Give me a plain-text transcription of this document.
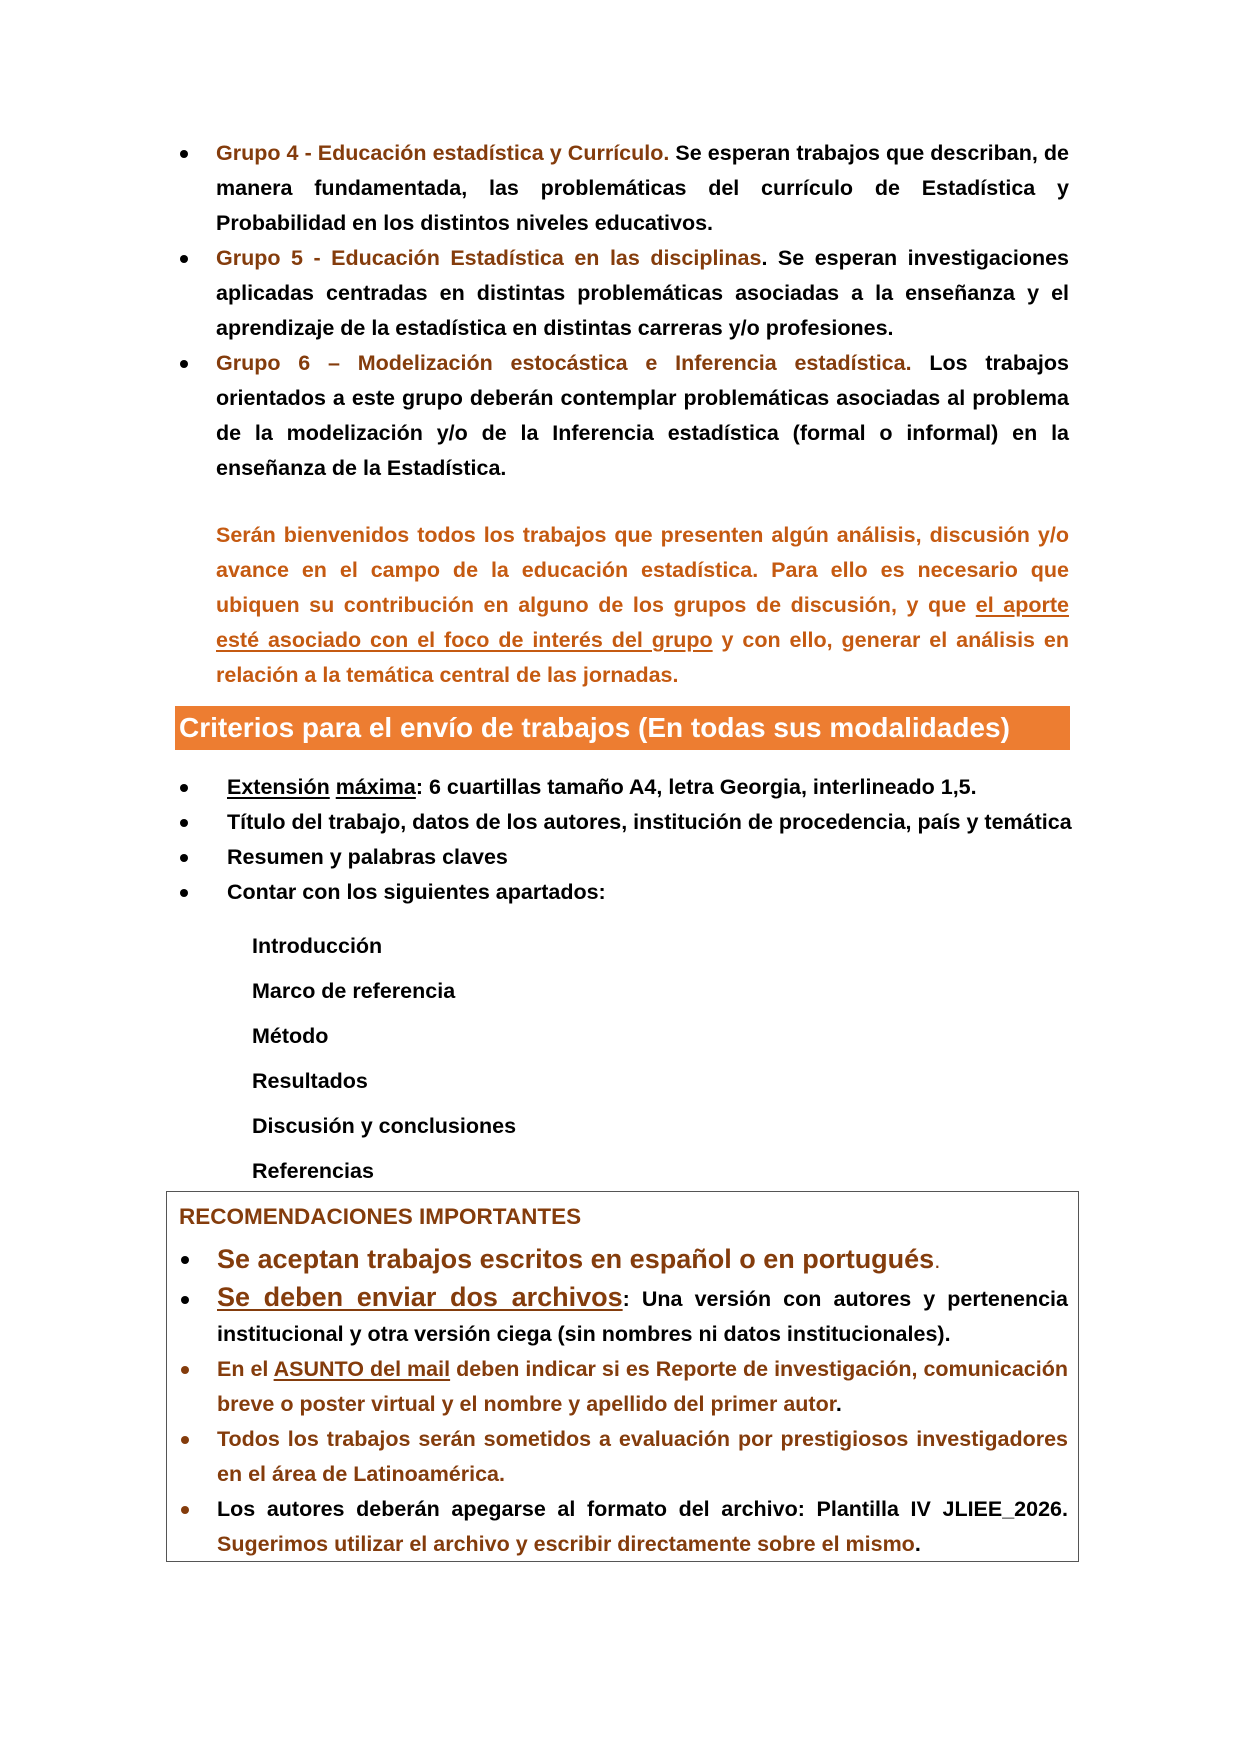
Grupo 4 - Educación estadística y Currículo. Se esperan trabajos que describan, de manera fundamentada, las problemáticas del currículo de Estadística y Probabilidad en los distintos niveles educativos.
Grupo 5 - Educación Estadística en las disciplinas. Se esperan investigaciones aplicadas centradas en distintas problemáticas asociadas a la enseñanza y el aprendizaje de la estadística en distintas carreras y/o profesiones.
Grupo 6 – Modelización estocástica e Inferencia estadística. Los trabajos orientados a este grupo deberán contemplar problemáticas asociadas al problema de la modelización y/o de la Inferencia estadística (formal o informal) en la enseñanza de la Estadística.

Serán bienvenidos todos los trabajos que presenten algún análisis, discusión y/o avance en el campo de la educación estadística. Para ello es necesario que ubiquen su contribución en alguno de los grupos de discusión, y que el aporte esté asociado con el foco de interés del grupo y con ello, generar el análisis en relación a la temática central de las jornadas.

Criterios para el envío de trabajos (En todas sus modalidades)
Extensión máxima: 6 cuartillas tamaño A4, letra Georgia, interlineado 1,5.
Título del trabajo, datos de los autores, institución de procedencia, país y temática
Resumen y palabras claves
Contar con los siguientes apartados:
Introducción
Marco de referencia
Método
Resultados
Discusión y conclusiones
Referencias
RECOMENDACIONES IMPORTANTES
Se aceptan trabajos escritos en español o en portugués.
Se deben enviar dos archivos: Una versión con autores y pertenencia institucional y otra versión ciega (sin nombres ni datos institucionales).
En el ASUNTO del mail deben indicar si es Reporte de investigación, comunicación breve o poster virtual y el nombre y apellido del primer autor.
Todos los trabajos serán sometidos a evaluación por prestigiosos investigadores en el área de Latinoamérica.
Los autores deberán apegarse al formato del archivo: Plantilla IV JLIEE_2026. Sugerimos utilizar el archivo y escribir directamente sobre el mismo.
